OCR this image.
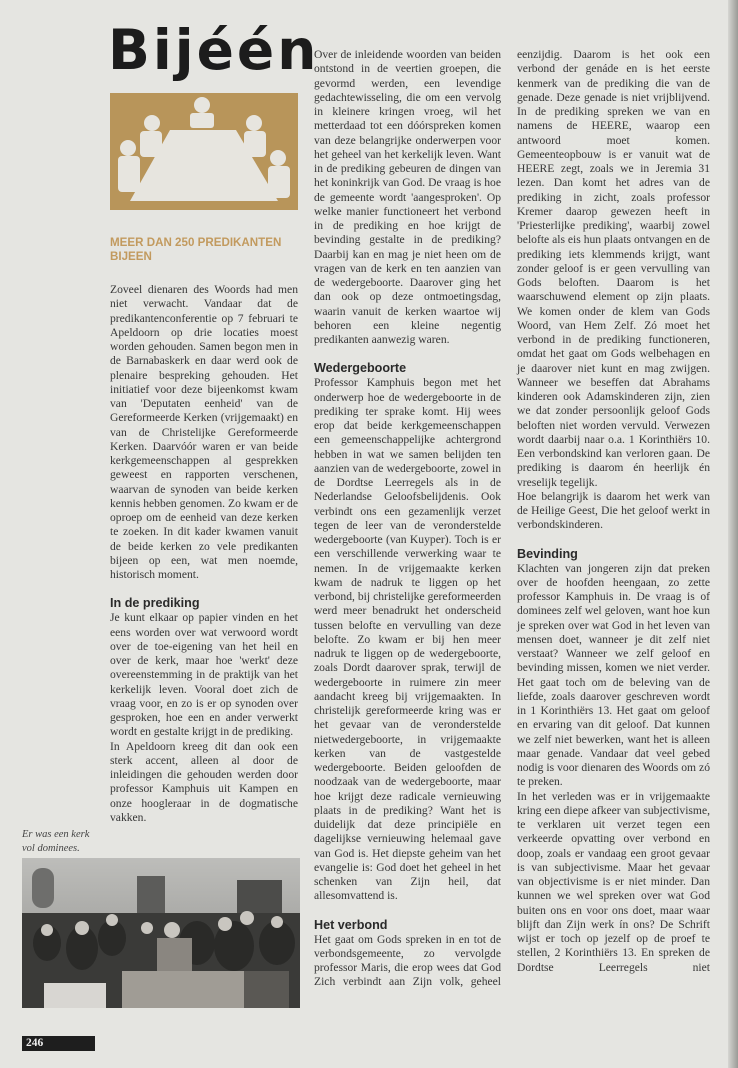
Bijéén
MEER DAN 250 PREDIKANTEN BIJEEN

Zoveel dienaren des Woords had men niet verwacht. Vandaar dat de predikantenconferentie op 7 februari te Apeldoorn op drie locaties moest worden gehouden. Samen begon men in de Barnabaskerk en daar werd ook de plenaire bespreking gehouden. Het initiatief voor deze bijeenkomst kwam van 'Deputaten eenheid' van de Gereformeerde Kerken (vrijgemaakt) en van de Christelijke Gereformeerde Kerken. Daarvóór waren er van beide kerkgemeenschappen al gesprekken geweest en rapporten verschenen, waarvan de synoden van beide kerken kennis hebben genomen. Zo kwam er de oproep om de eenheid van deze kerken te zoeken. In dit kader kwamen vanuit de beide kerken zo vele predikanten bijeen op een, wat men noemde, historisch moment.

In de prediking

Je kunt elkaar op papier vinden en het eens worden over wat verwoord wordt over de toe-eigening van het heil en over de kerk, maar hoe 'werkt' deze overeenstemming in de praktijk van het kerkelijk leven. Vooral doet zich de vraag voor, en zo is er op synoden over gesproken, hoe een en ander verwerkt wordt en gestalte krijgt in de prediking.

In Apeldoorn kreeg dit dan ook een sterk accent, alleen al door de inleidingen die gehouden werden door professor Kamphuis uit Kampen en onze hoogleraar in de dogmatische vakken.

Over de inleidende woorden van beiden ontstond in de veertien groepen, die gevormd werden, een levendige gedachtewisseling, die om een vervolg in kleinere kringen vroeg, wil het metterdaad tot een dóórspreken komen van deze belangrijke onderwerpen voor het geheel van het kerkelijk leven. Want in de prediking gebeuren de dingen van het koninkrijk van God. De vraag is hoe de gemeente wordt 'aangesproken'. Op welke manier functioneert het verbond in de prediking en hoe krijgt de bevinding gestalte in de prediking? Daarbij kan en mag je niet heen om de vragen van de kerk en ten aanzien van de wedergeboorte. Daarover ging het dan ook op deze ontmoetingsdag, waarin vanuit de kerken waartoe wij behoren een kleine negentig predikanten aanwezig waren.

Wedergeboorte

Professor Kamphuis begon met het onderwerp hoe de wedergeboorte in de prediking ter sprake komt. Hij wees erop dat beide kerkgemeenschappen een gemeenschappelijke achtergrond hebben in wat we samen belijden ten aanzien van de wedergeboorte, zowel in de Dordtse Leerregels als in de Nederlandse Geloofsbelijdenis. Ook verbindt ons een gezamenlijk verzet tegen de leer van de veronderstelde wedergeboorte (van Kuyper). Toch is er een verschillende verwerking waar te nemen. In de vrijgemaakte kerken kwam de nadruk te liggen op het verbond, bij christelijke gereformeerden werd meer benadrukt het onderscheid tussen belofte en vervulling van deze belofte. Zo kwam er bij hen meer nadruk te liggen op de wedergeboorte, zoals Dordt daarover sprak, terwijl de wedergeboorte in ruimere zin meer aandacht kreeg bij vrijgemaakten. In christelijk gereformeerde kring was er het gevaar van de veronderstelde nietwedergeboorte, in vrijgemaakte kerken van de vastgestelde wedergeboorte. Beiden geloofden de noodzaak van de wedergeboorte, maar hoe krijgt deze radicale vernieuwing plaats in de prediking? Want het is duidelijk dat deze principiële en dagelijkse vernieuwing helemaal gave van God is. Het diepste geheim van het evangelie is: God doet het geheel in het schenken van Zijn heil, dat allesomvattend is.

Het verbond

Het gaat om Gods spreken in en tot de verbondsgemeente, zo vervolgde professor Maris, die erop wees dat God Zich verbindt aan Zijn volk, geheel

eenzijdig. Daarom is het ook een verbond der genáde en is het eerste kenmerk van de prediking die van de genade. Deze genade is niet vrijblijvend. In de prediking spreken we van en namens de HEERE, waarop een antwoord moet komen. Gemeenteopbouw is er vanuit wat de HEERE zegt, zoals we in Jeremia 31 lezen. Dan komt het adres van de prediking in zicht, zoals professor Kremer daarop gewezen heeft in 'Priesterlijke prediking', waarbij zowel belofte als eis hun plaats ontvangen en de prediking iets klemmends krijgt, want zonder geloof is er geen vervulling van Gods beloften. Daarom is het waarschuwend element op zijn plaats. We komen onder de klem van Gods Woord, van Hem Zelf. Zó moet het verbond in de prediking functioneren, omdat het gaat om Gods welbehagen en je daarover niet kunt en mag zwijgen. Wanneer we beseffen dat Abrahams kinderen ook Adamskinderen zijn, zien we dat zonder persoonlijk geloof Gods beloften niet worden vervuld. Verwezen wordt daarbij naar o.a. 1 Korinthiërs 10. Een verbondskind kan verloren gaan. De prediking is daarom én heerlijk én vreselijk tegelijk.

Hoe belangrijk is daarom het werk van de Heilige Geest, Die het geloof werkt in verbondskinderen.

Bevinding

Klachten van jongeren zijn dat preken over de hoofden heengaan, zo zette professor Kamphuis in. De vraag is of dominees zelf wel geloven, want hoe kun je spreken over wat God in het leven van mensen doet, wanneer je dit zelf niet verstaat? Wanneer we zelf geloof en bevinding missen, komen we niet verder. Het gaat toch om de beleving van de liefde, zoals daarover geschreven wordt in 1 Korinthiërs 13. Het gaat om geloof en ervaring van dit geloof. Dat kunnen we zelf niet bewerken, want het is alleen maar genade. Vandaar dat veel gebed nodig is voor dienaren des Woords om zó te preken.

In het verleden was er in vrijgemaakte kring een diepe afkeer van subjectivisme, te verklaren uit verzet tegen een verkeerde opvatting over verbond en doop, zoals er vandaag een groot gevaar is van subjectivisme. Maar het gevaar van objectivisme is er niet minder. Dan kunnen we wel spreken over wat God buiten ons en voor ons doet, maar waar blijft dan Zijn werk ín ons? De Schrift wijst er toch op jezelf op de proef te stellen, 2 Korinthiërs 13. En spreken de Dordtse Leerregels niet

Er was een kerk
vol dominees.
246
